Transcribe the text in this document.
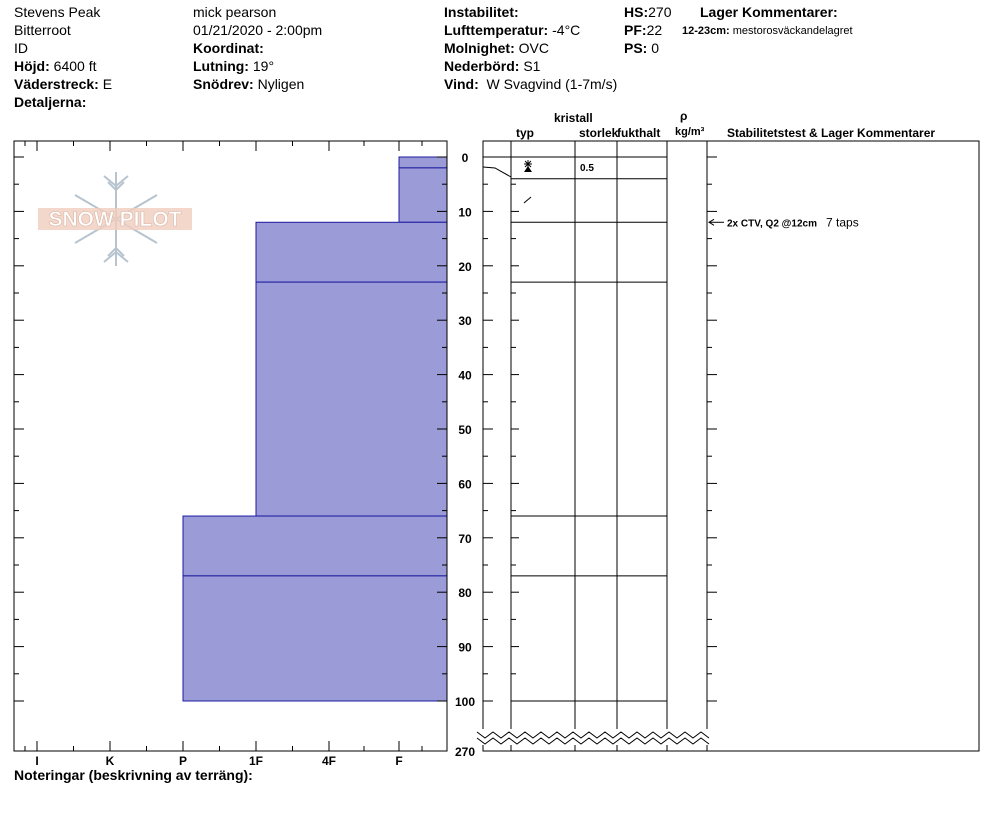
Stevens Peak
Bitterroot
ID
Höjd: 6400 ft
Väderstreck: E
Detaljerna:
mick pearson
01/21/2020 - 2:00pm
Koordinat:
Lutning: 19°
Snödrev: Nyligen
Instabilitet:
Lufttemperatur: -4°C
Molnighet: OVC
Nederbörd: S1
Vind: W Svagvind (1-7m/s)
HS:270
PF:22
PS: 0
Lager Kommentarer:
12-23cm: mestorosväckandelagret
kristall
typ	storlek
fukthalt
ρ
kg/m³ Stabilitetstest & Lager Kommentarer
Noteringar (beskrivning av terräng):
SNOW PILOT
I	K	P	1F	4F	F
0
10
20
30
40
50
60
70
80
90
100
270
0.5
2x CTV, Q2 @12cm 7 taps
